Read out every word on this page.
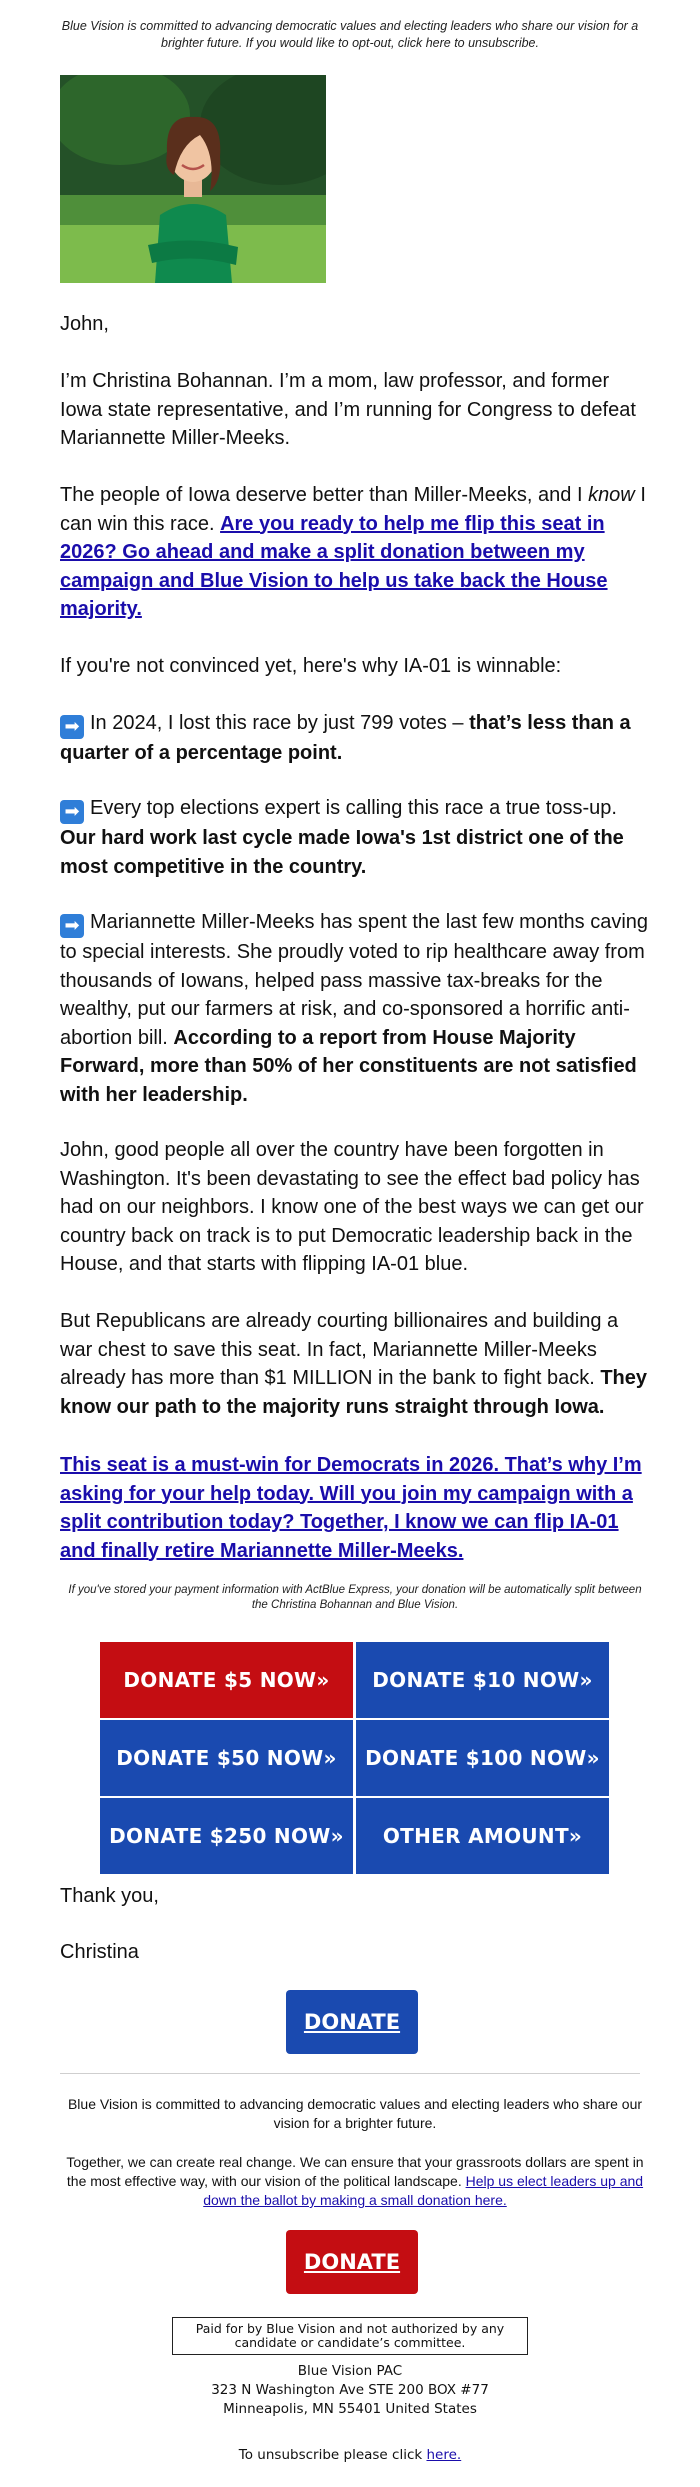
Blue Vision is committed to advancing democratic values and electing leaders who share our vision for a brighter future. If you would like to opt-out, click here to unsubscribe.
John,
I’m Christina Bohannan. I’m a mom, law professor, and former Iowa state representative, and I’m running for Congress to defeat Mariannette Miller-Meeks.
The people of Iowa deserve better than Miller-Meeks, and I know I can win this race. Are you ready to help me flip this seat in 2026? Go ahead and make a split donation between my campaign and Blue Vision to help us take back the House majority.
If you're not convinced yet, here's why IA-01 is winnable:
➡ In 2024, I lost this race by just 799 votes – that’s less than a quarter of a percentage point.
➡ Every top elections expert is calling this race a true toss-up. Our hard work last cycle made Iowa's 1st district one of the most competitive in the country.
➡ Mariannette Miller-Meeks has spent the last few months caving to special interests. She proudly voted to rip healthcare away from thousands of Iowans, helped pass massive tax-breaks for the wealthy, put our farmers at risk, and co-sponsored a horrific anti-abortion bill. According to a report from House Majority Forward, more than 50% of her constituents are not satisfied with her leadership.
John, good people all over the country have been forgotten in Washington. It's been devastating to see the effect bad policy has had on our neighbors. I know one of the best ways we can get our country back on track is to put Democratic leadership back in the House, and that starts with flipping IA-01 blue.
But Republicans are already courting billionaires and building a war chest to save this seat. In fact, Mariannette Miller-Meeks already has more than $1 MILLION in the bank to fight back. They know our path to the majority runs straight through Iowa.
This seat is a must-win for Democrats in 2026. That’s why I’m asking for your help today. Will you join my campaign with a split contribution today? Together, I know we can flip IA-01 and finally retire Mariannette Miller-Meeks.
If you've stored your payment information with ActBlue Express, your donation will be automatically split between the Christina Bohannan and Blue Vision.
DONATE $5 NOW»	DONATE $10 NOW»
DONATE $50 NOW»	DONATE $100 NOW»
DONATE $250 NOW»	OTHER AMOUNT»
Thank you,
Christina
DONATE
Blue Vision is committed to advancing democratic values and electing leaders who share our vision for a brighter future.
Together, we can create real change. We can ensure that your grassroots dollars are spent in the most effective way, with our vision of the political landscape. Help us elect leaders up and down the ballot by making a small donation here.
DONATE
Paid for by Blue Vision and not authorized by any candidate or candidate’s committee.
Blue Vision PAC
323 N Washington Ave STE 200 BOX #77
Minneapolis, MN 55401 United States
To unsubscribe please click here.
